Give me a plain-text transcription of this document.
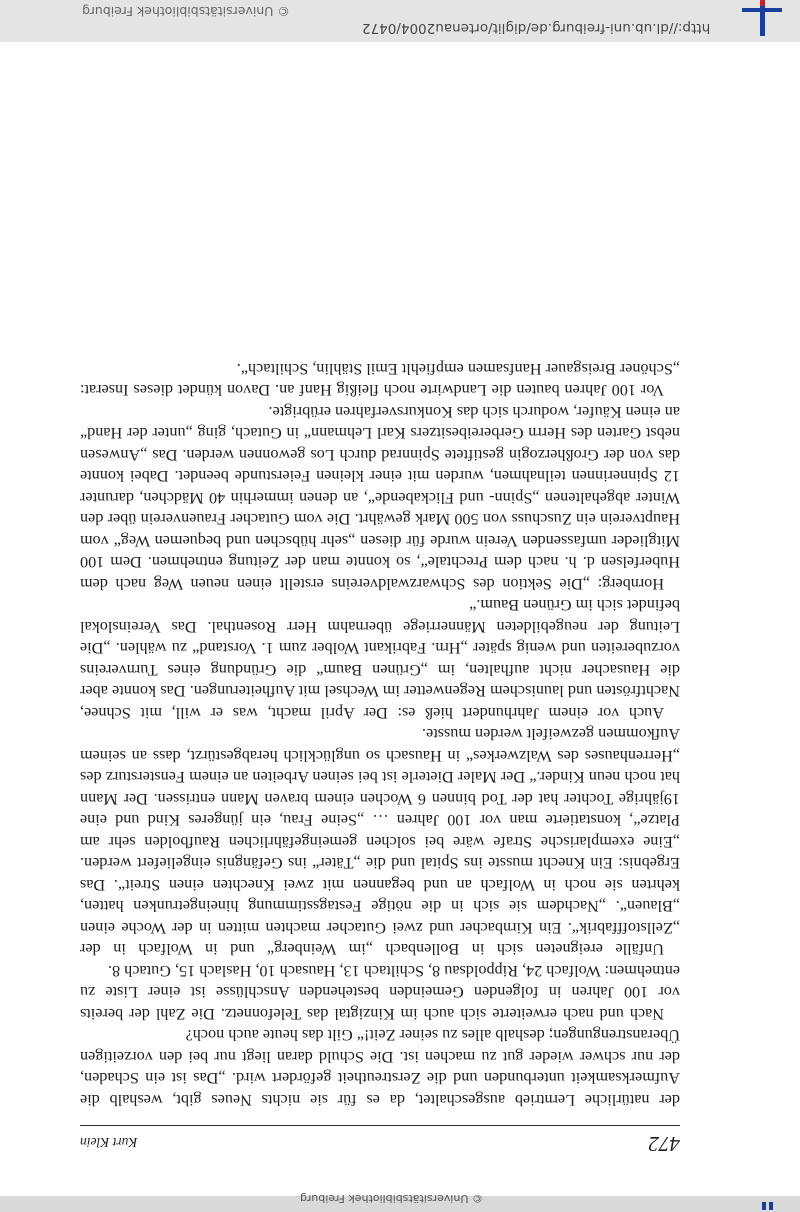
© Universitätsbibliothek Freiburg
http://dl.ub.uni-freiburg.de/diglit/ortenau2004/0472
472
Kurt Klein

der natürliche Lerntrieb ausgeschaltet, da es für sie nichts Neues gibt, weshalb die Aufmerksamkeit unterbunden und die Zerstreutheit gefördert wird. „Das ist ein Schaden, der nur schwer wieder gut zu machen ist. Die Schuld daran liegt nur bei den vorzeitigen Überanstrengungen; deshalb alles zu seiner Zeit!“ Gilt das heute auch noch?

Nach und nach erweiterte sich auch im Kinzigtal das Telefonnetz. Die Zahl der bereits vor 100 Jahren in folgenden Gemeinden bestehenden Anschlüsse ist einer Liste zu entnehmen: Wolfach 24, Rippoldsau 8, Schiltach 13, Hausach 10, Haslach 15, Gutach 8.

Unfälle ereigneten sich in Bollenbach „im Weinberg“ und in Wolfach in der „Zellstofffabrik“. Ein Kirnbacher und zwei Gutacher machten mitten in der Woche einen „Blauen“. „Nachdem sie sich in die nötige Festagsstimmung hineingetrunken hatten, kehrten sie noch in Wolfach an und begannen mit zwei Knechten einen Streit“. Das Ergebnis: Ein Knecht musste ins Spital und die „Täter“ ins Gefängnis eingeliefert werden. „Eine exemplarische Strafe wäre bei solchen gemeingefährlichen Raufbolden sehr am Platze“, konstatierte man vor 100 Jahren … „Seine Frau, ein jüngeres Kind und eine 19jährige Tochter hat der Tod binnen 6 Wochen einem braven Mann entrissen. Der Mann hat noch neun Kinder.“ Der Maler Dieterle ist bei seinen Arbeiten an einem Fenstersturz des „Herrenhauses des Walzwerkes“ in Hausach so unglücklich herabgestürzt, dass an seinem Aufkommen gezweifelt werden musste.

Auch vor einem Jahrhundert hieß es: Der April macht, was er will, mit Schnee, Nachtfrösten und launischem Regenwetter im Wechsel mit Aufheiterungen. Das konnte aber die Hausacher nicht aufhalten, im „Grünen Baum“ die Gründung eines Turnvereins vorzubereiten und wenig später „Hrn. Fabrikant Wolber zum 1. Vorstand“ zu wählen. „Die Leitung der neugebildeten Männerriege übernahm Herr Rosenthal. Das Vereinslokal befindet sich im Grünen Baum.“

Hornberg: „Die Sektion des Schwarzwaldvereins erstellt einen neuen Weg nach dem Huberfelsen d. h. nach dem Prechtale“, so konnte man der Zeitung entnehmen. Dem 100 Mitglieder umfassenden Verein wurde für diesen „sehr hübschen und bequemen Weg“ vom Hauptverein ein Zuschuss von 500 Mark gewährt. Die vom Gutacher Frauenverein über den Winter abgehaltenen „Spinn- und Flickabende“, an denen immerhin 40 Mädchen, darunter 12 Spinnerinnen teilnahmen, wurden mit einer kleinen Feierstunde beendet. Dabei konnte das von der Großherzogin gestiftete Spinnrad durch Los gewonnen werden. Das „Anwesen nebst Garten des Herrn Gerbereibesitzers Karl Lehmann“ in Gutach, ging „unter der Hand“ an einen Käufer, wodurch sich das Konkursverfahren erübrigte.

Vor 100 Jahren bauten die Landwirte noch fleißig Hanf an. Davon kündet dieses Inserat: „Schöner Breisgauer Hanfsamen empfiehlt Emil Stählin, Schiltach“.

© Universitätsbibliothek Freiburg
